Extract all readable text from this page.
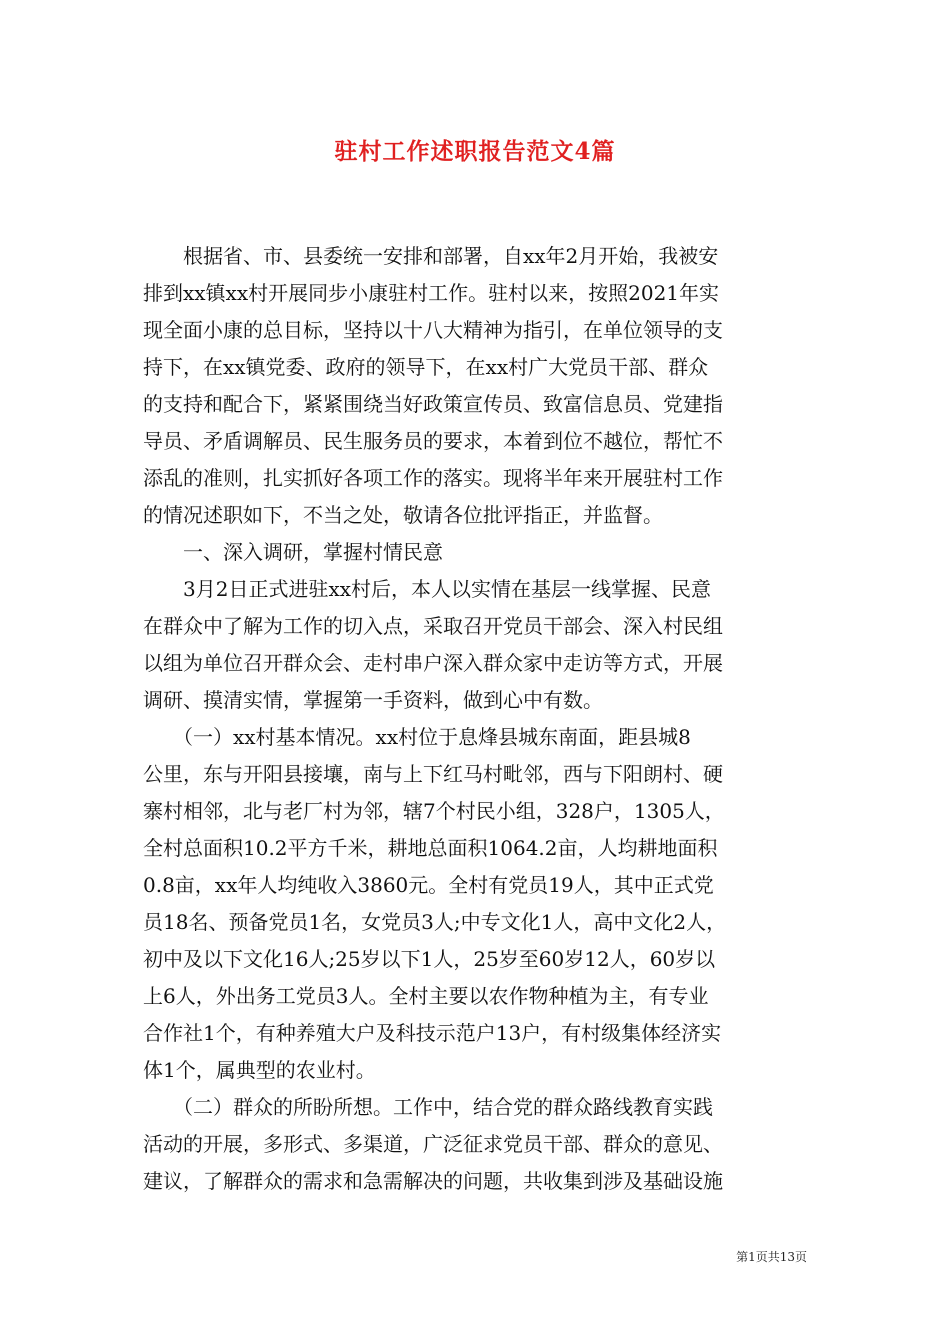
驻村工作述职报告范文4篇
　　根据省、市、县委统一安排和部署，自xx年2月开始，我被安
排到xx镇xx村开展同步小康驻村工作。驻村以来，按照2021年实
现全面小康的总目标，坚持以十八大精神为指引，在单位领导的支
持下，在xx镇党委、政府的领导下，在xx村广大党员干部、群众
的支持和配合下，紧紧围绕当好政策宣传员、致富信息员、党建指
导员、矛盾调解员、民生服务员的要求，本着到位不越位，帮忙不
添乱的准则，扎实抓好各项工作的落实。现将半年来开展驻村工作
的情况述职如下，不当之处，敬请各位批评指正，并监督。
　　一、深入调研，掌握村情民意
　　3月2日正式进驻xx村后，本人以实情在基层一线掌握、民意
在群众中了解为工作的切入点，采取召开党员干部会、深入村民组
以组为单位召开群众会、走村串户深入群众家中走访等方式，开展
调研、摸清实情，掌握第一手资料，做到心中有数。
　　（一）xx村基本情况。xx村位于息烽县城东南面，距县城8
公里，东与开阳县接壤，南与上下红马村毗邻，西与下阳朗村、硬
寨村相邻，北与老厂村为邻，辖7个村民小组，328户，1305人，
全村总面积10.2平方千米，耕地总面积1064.2亩，人均耕地面积
0.8亩，xx年人均纯收入3860元。全村有党员19人，其中正式党
员18名、预备党员1名，女党员3人;中专文化1人，高中文化2人，
初中及以下文化16人;25岁以下1人，25岁至60岁12人，60岁以
上6人，外出务工党员3人。全村主要以农作物种植为主，有专业
合作社1个，有种养殖大户及科技示范户13户，有村级集体经济实
体1个，属典型的农业村。
　　（二）群众的所盼所想。工作中，结合党的群众路线教育实践
活动的开展，多形式、多渠道，广泛征求党员干部、群众的意见、
建议，了解群众的需求和急需解决的问题，共收集到涉及基础设施
第1页共13页
